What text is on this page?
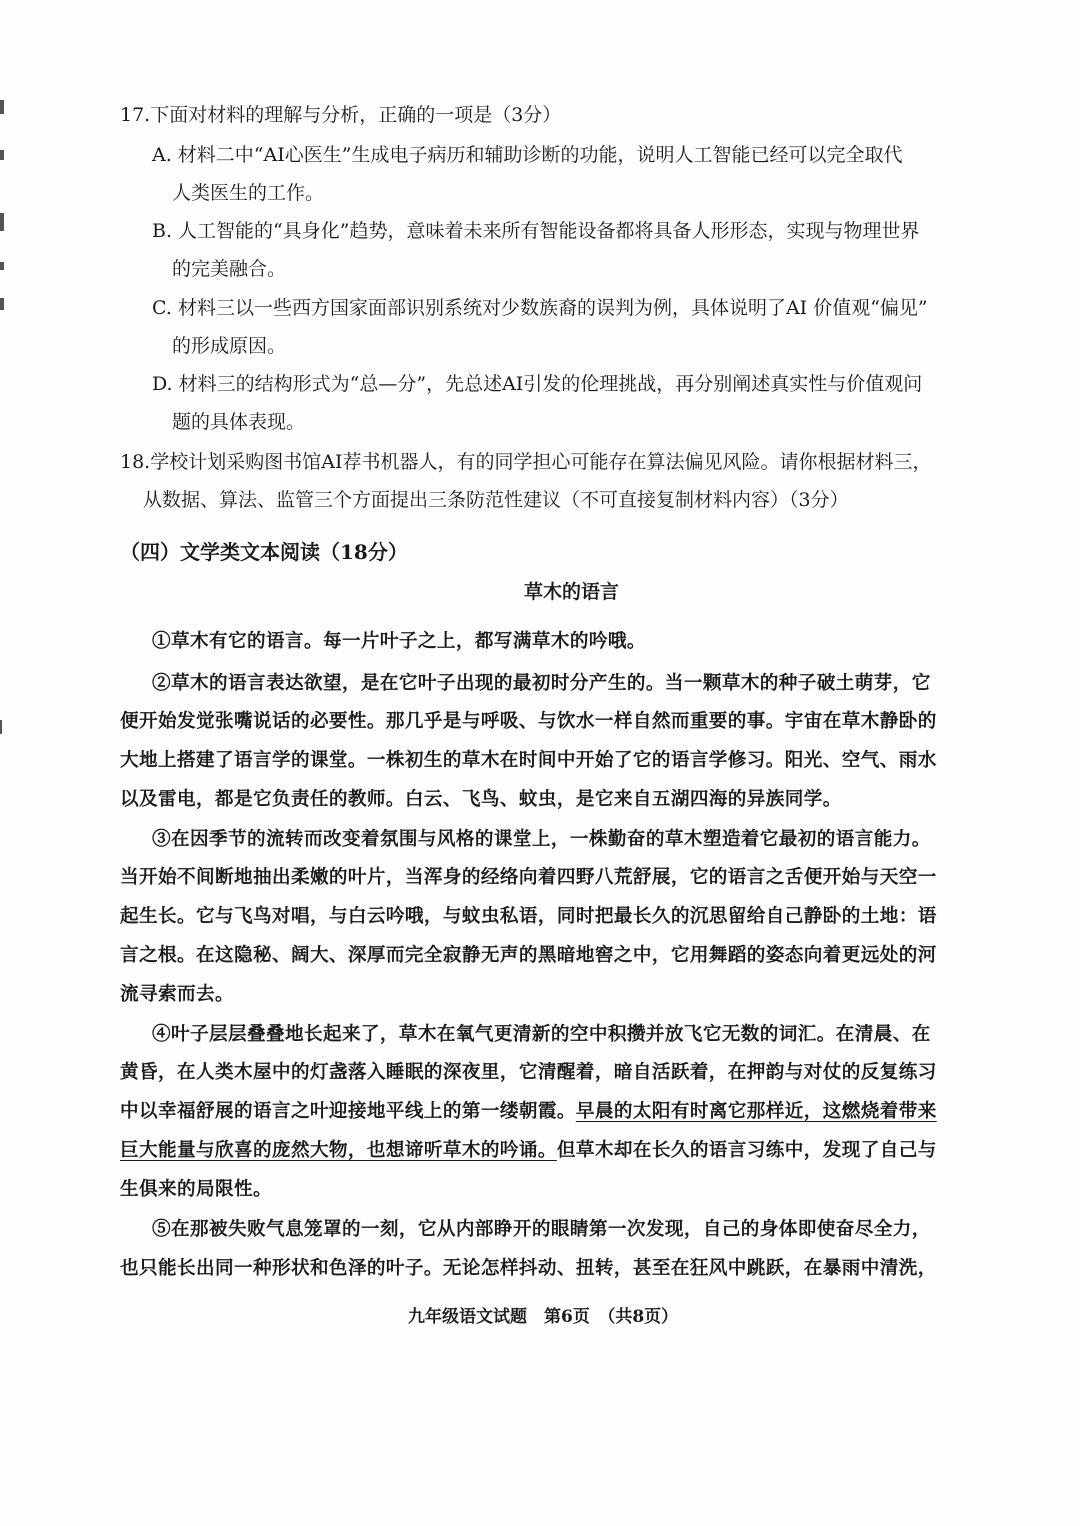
17.下面对材料的理解与分析，正确的一项是（3分）
A. 材料二中“AI心医生”生成电子病历和辅助诊断的功能，说明人工智能已经可以完全取代
人类医生的工作。
B. 人工智能的“具身化”趋势，意味着未来所有智能设备都将具备人形形态，实现与物理世界
的完美融合。
C. 材料三以一些西方国家面部识别系统对少数族裔的误判为例，具体说明了AI 价值观“偏见”
的形成原因。
D. 材料三的结构形式为“总—分”，先总述AI引发的伦理挑战，再分别阐述真实性与价值观问
题的具体表现。
18.学校计划采购图书馆AI荐书机器人，有的同学担心可能存在算法偏见风险。请你根据材料三，
从数据、算法、监管三个方面提出三条防范性建议（不可直接复制材料内容）（3分）
（四）文学类文本阅读（18分）
草木的语言
①草木有它的语言。每一片叶子之上，都写满草木的吟哦。
②草木的语言表达欲望，是在它叶子出现的最初时分产生的。当一颗草木的种子破土萌芽，它
便开始发觉张嘴说话的必要性。那几乎是与呼吸、与饮水一样自然而重要的事。宇宙在草木静卧的
大地上搭建了语言学的课堂。一株初生的草木在时间中开始了它的语言学修习。阳光、空气、雨水
以及雷电，都是它负责任的教师。白云、飞鸟、蚊虫，是它来自五湖四海的异族同学。
③在因季节的流转而改变着氛围与风格的课堂上，一株勤奋的草木塑造着它最初的语言能力。
当开始不间断地抽出柔嫩的叶片，当浑身的经络向着四野八荒舒展，它的语言之舌便开始与天空一
起生长。它与飞鸟对唱，与白云吟哦，与蚊虫私语，同时把最长久的沉思留给自己静卧的土地：语
言之根。在这隐秘、阔大、深厚而完全寂静无声的黑暗地窖之中，它用舞蹈的姿态向着更远处的河
流寻索而去。
④叶子层层叠叠地长起来了，草木在氧气更清新的空中积攒并放飞它无数的词汇。在清晨、在
黄昏，在人类木屋中的灯盏落入睡眠的深夜里，它清醒着，暗自活跃着，在押韵与对仗的反复练习
中以幸福舒展的语言之叶迎接地平线上的第一缕朝霞。早晨的太阳有时离它那样近，这燃烧着带来
巨大能量与欣喜的庞然大物，也想谛听草木的吟诵。但草木却在长久的语言习练中，发现了自己与
生俱来的局限性。
⑤在那被失败气息笼罩的一刻，它从内部睁开的眼睛第一次发现，自己的身体即使奋尽全力，
也只能长出同一种形状和色泽的叶子。无论怎样抖动、扭转，甚至在狂风中跳跃，在暴雨中清洗，
九年级语文试题　第6页　（共8页）
